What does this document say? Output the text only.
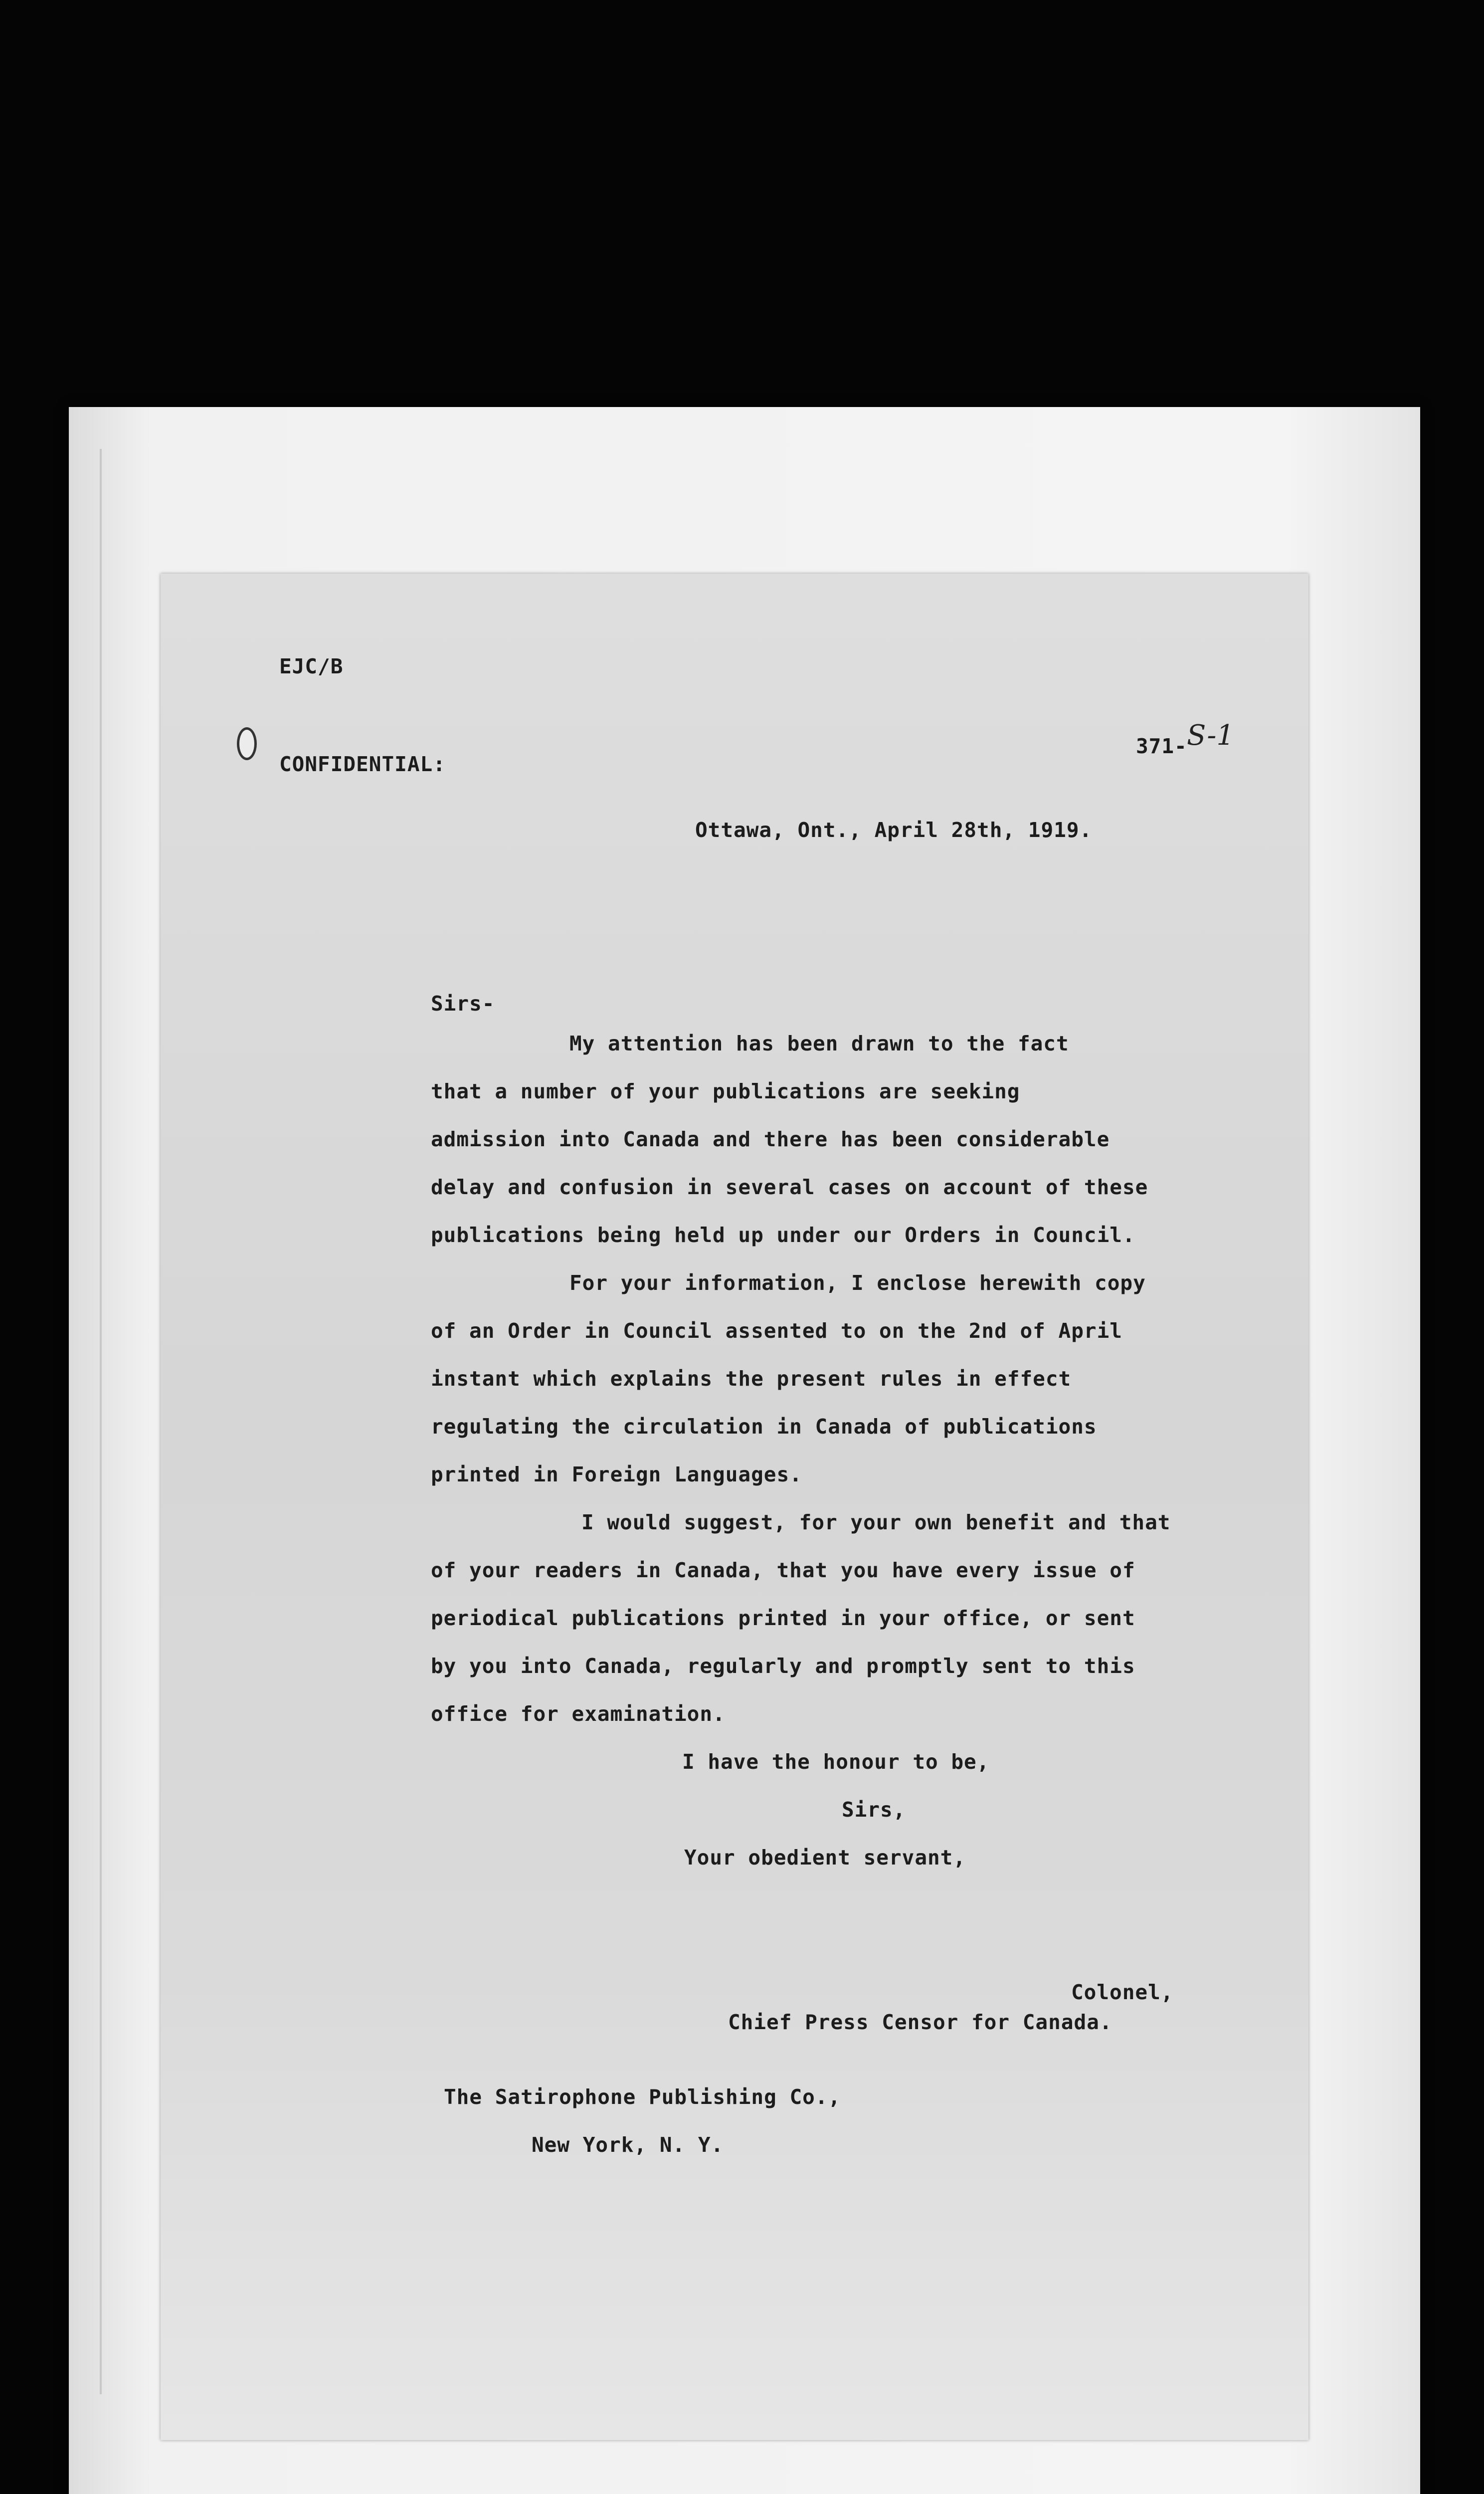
EJC/B
CONFIDENTIAL:
371- S-1
Ottawa, Ont., April 28th, 1919.
Sirs-
My attention has been drawn to the fact
that a number of your publications are seeking
admission into Canada and there has been considerable
delay and confusion in several cases on account of these
publications being held up under our Orders in Council.
For your information, I enclose herewith copy
of an Order in Council assented to on the 2nd of April
instant which explains the present rules in effect
regulating the circulation in Canada of publications
printed in Foreign Languages.
I would suggest, for your own benefit and that
of your readers in Canada, that you have every issue of
periodical publications printed in your office, or sent
by you into Canada, regularly and promptly sent to this
office for examination.
I have the honour to be,
Sirs,
Your obedient servant,
Colonel,
Chief Press Censor for Canada.
The Satirophone Publishing Co.,
New York, N. Y.
